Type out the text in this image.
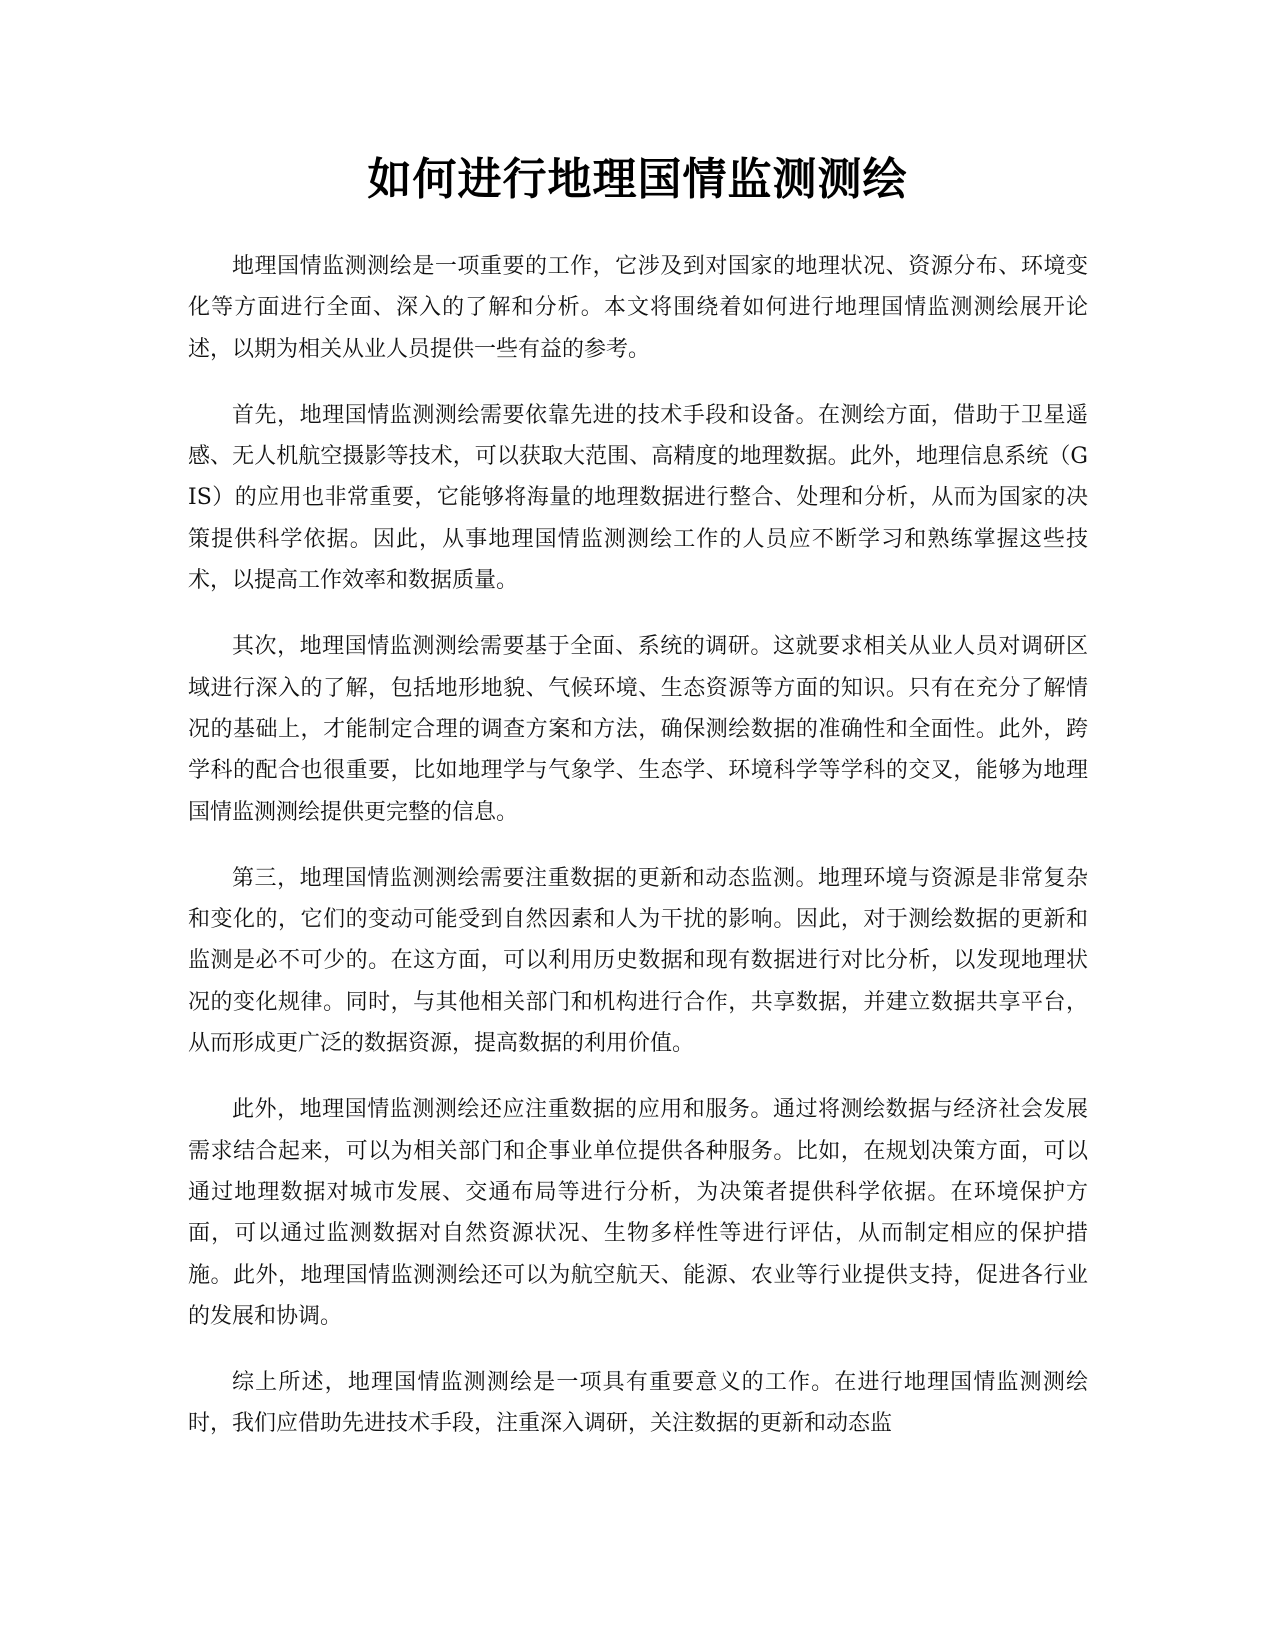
如何进行地理国情监测测绘

地理国情监测测绘是一项重要的工作，它涉及到对国家的地理状况、资源分布、环境变化等方面进行全面、深入的了解和分析。本文将围绕着如何进行地理国情监测测绘展开论述，以期为相关从业人员提供一些有益的参考。

首先，地理国情监测测绘需要依靠先进的技术手段和设备。在测绘方面，借助于卫星遥感、无人机航空摄影等技术，可以获取大范围、高精度的地理数据。此外，地理信息系统（GIS）的应用也非常重要，它能够将海量的地理数据进行整合、处理和分析，从而为国家的决策提供科学依据。因此，从事地理国情监测测绘工作的人员应不断学习和熟练掌握这些技术，以提高工作效率和数据质量。

其次，地理国情监测测绘需要基于全面、系统的调研。这就要求相关从业人员对调研区域进行深入的了解，包括地形地貌、气候环境、生态资源等方面的知识。只有在充分了解情况的基础上，才能制定合理的调查方案和方法，确保测绘数据的准确性和全面性。此外，跨学科的配合也很重要，比如地理学与气象学、生态学、环境科学等学科的交叉，能够为地理国情监测测绘提供更完整的信息。

第三，地理国情监测测绘需要注重数据的更新和动态监测。地理环境与资源是非常复杂和变化的，它们的变动可能受到自然因素和人为干扰的影响。因此，对于测绘数据的更新和监测是必不可少的。在这方面，可以利用历史数据和现有数据进行对比分析，以发现地理状况的变化规律。同时，与其他相关部门和机构进行合作，共享数据，并建立数据共享平台，从而形成更广泛的数据资源，提高数据的利用价值。

此外，地理国情监测测绘还应注重数据的应用和服务。通过将测绘数据与经济社会发展需求结合起来，可以为相关部门和企事业单位提供各种服务。比如，在规划决策方面，可以通过地理数据对城市发展、交通布局等进行分析，为决策者提供科学依据。在环境保护方面，可以通过监测数据对自然资源状况、生物多样性等进行评估，从而制定相应的保护措施。此外，地理国情监测测绘还可以为航空航天、能源、农业等行业提供支持，促进各行业的发展和协调。

综上所述，地理国情监测测绘是一项具有重要意义的工作。在进行地理国情监测测绘时，我们应借助先进技术手段，注重深入调研，关注数据的更新和动态监
